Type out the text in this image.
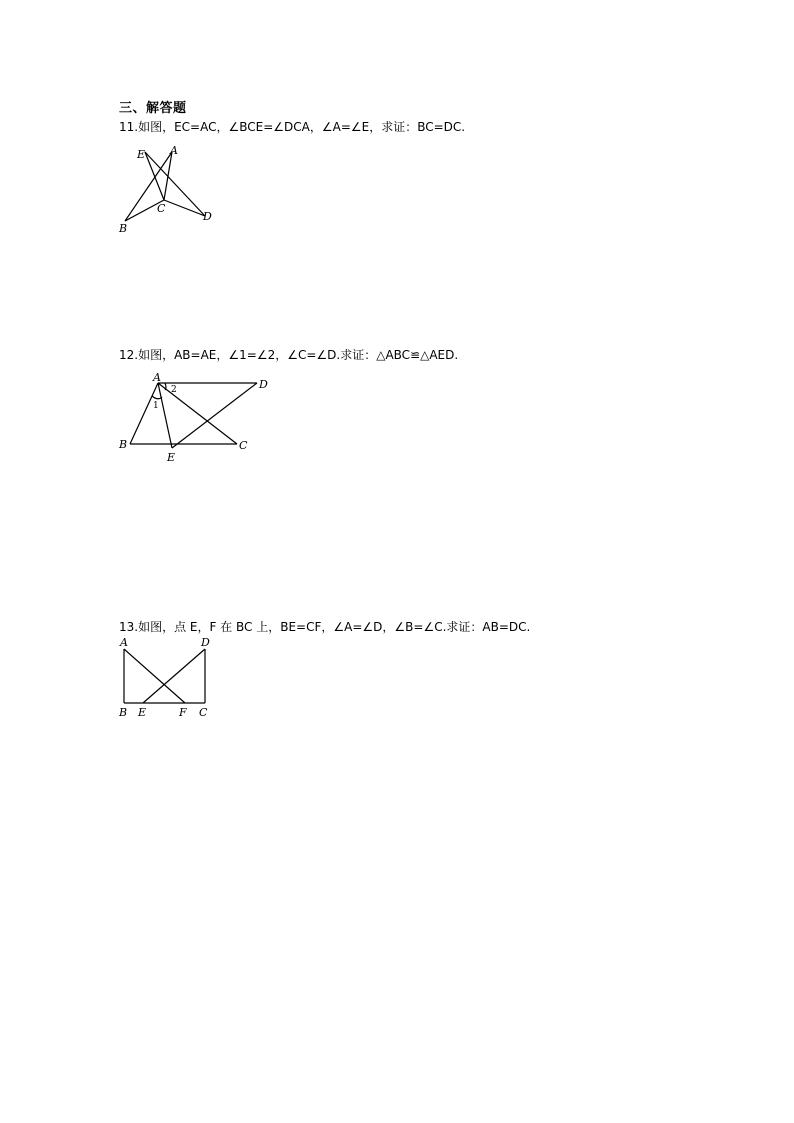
三、解答题
11.如图，EC=AC，∠BCE=∠DCA，∠A=∠E，求证：BC=DC.
E A
C
B
D
12.如图，AB=AE，∠1=∠2，∠C=∠D.求证：△ABC≌△AED.
A
D
B
E
C
1
2
13.如图，点 E，F 在 BC 上，BE=CF，∠A=∠D，∠B=∠C.求证：AB=DC.
A	D
B E	F C
